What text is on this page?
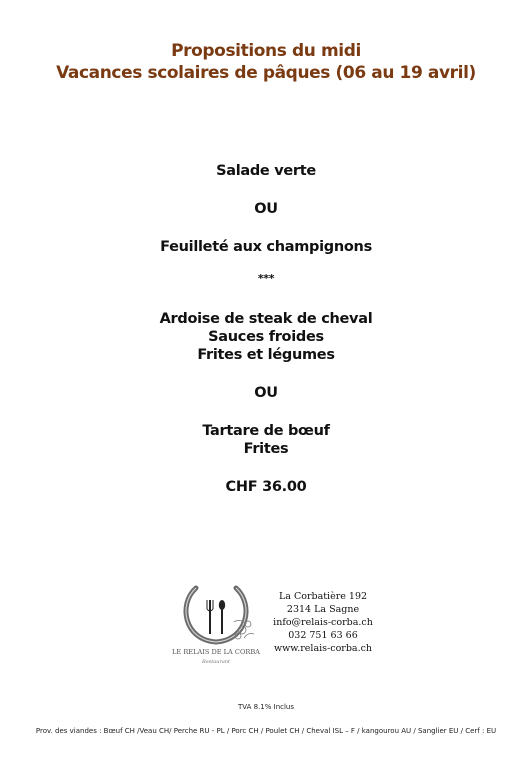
Propositions du midi
Vacances scolaires de pâques (06 au 19 avril)
Salade verte
OU
Feuilleté aux champignons
***
Ardoise de steak de cheval
Sauces froides
Frites et légumes
OU
Tartare de bœuf
Frites
CHF 36.00
LE RELAIS DE LA CORBA
Restaurant
La Corbatière 192
2314 La Sagne
info@relais-corba.ch
032 751 63 66
www.relais-corba.ch
TVA 8.1% Inclus
Prov. des viandes : Bœuf CH /Veau CH/ Perche RU - PL / Porc CH / Poulet CH / Cheval ISL – F / kangourou AU / Sanglier EU / Cerf : EU
